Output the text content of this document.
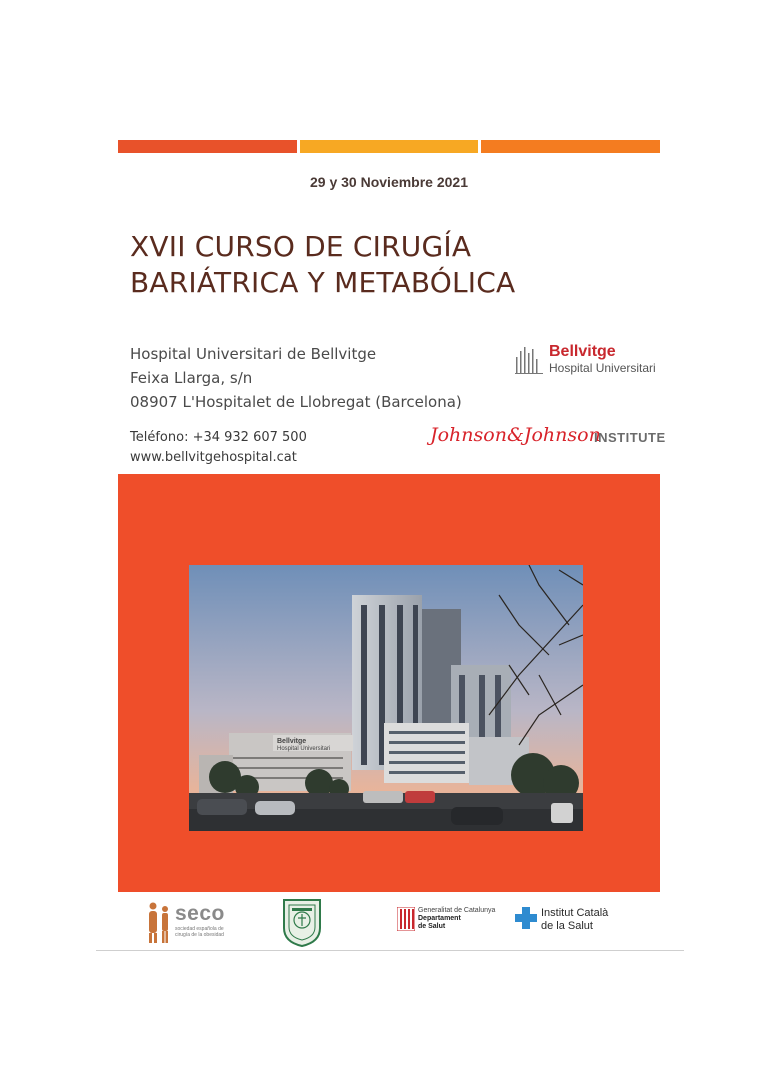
29 y 30 Noviembre 2021
XVII CURSO DE CIRUGÍA
BARIÁTRICA Y METABÓLICA
Hospital Universitari de Bellvitge
Feixa Llarga, s/n
08907 L'Hospitalet de Llobregat (Barcelona)
Teléfono: +34 932 607 500
www.bellvitgehospital.cat
Bellvitge
Hospital Universitari
Johnson&Johnson
INSTITUTE
Bellvitge
Hospital Universitari
seco
sociedad española de
cirugía de la obesidad
Generalitat de Catalunya
Departament
de Salut
Institut Català
de la Salut
